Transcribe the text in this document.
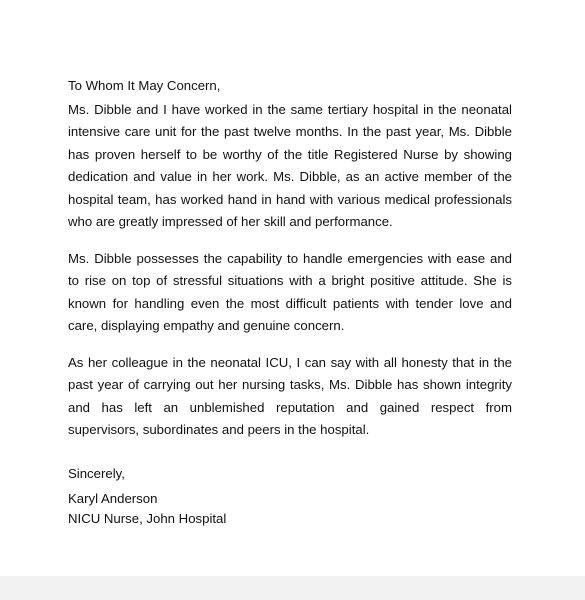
To Whom It May Concern,

Ms. Dibble and I have worked in the same tertiary hospital in the neonatal intensive care unit for the past twelve months. In the past year, Ms. Dibble has proven herself to be worthy of the title Registered Nurse by showing dedication and value in her work. Ms. Dibble, as an active member of the hospital team, has worked hand in hand with various medical professionals who are greatly impressed of her skill and performance.

Ms. Dibble possesses the capability to handle emergencies with ease and to rise on top of stressful situations with a bright positive attitude. She is known for handling even the most difficult patients with tender love and care, displaying empathy and genuine concern.

As her colleague in the neonatal ICU, I can say with all honesty that in the past year of carrying out her nursing tasks, Ms. Dibble has shown integrity and has left an unblemished reputation and gained respect from supervisors, subordinates and peers in the hospital.

Sincerely,

Karyl Anderson

NICU Nurse, John Hospital
